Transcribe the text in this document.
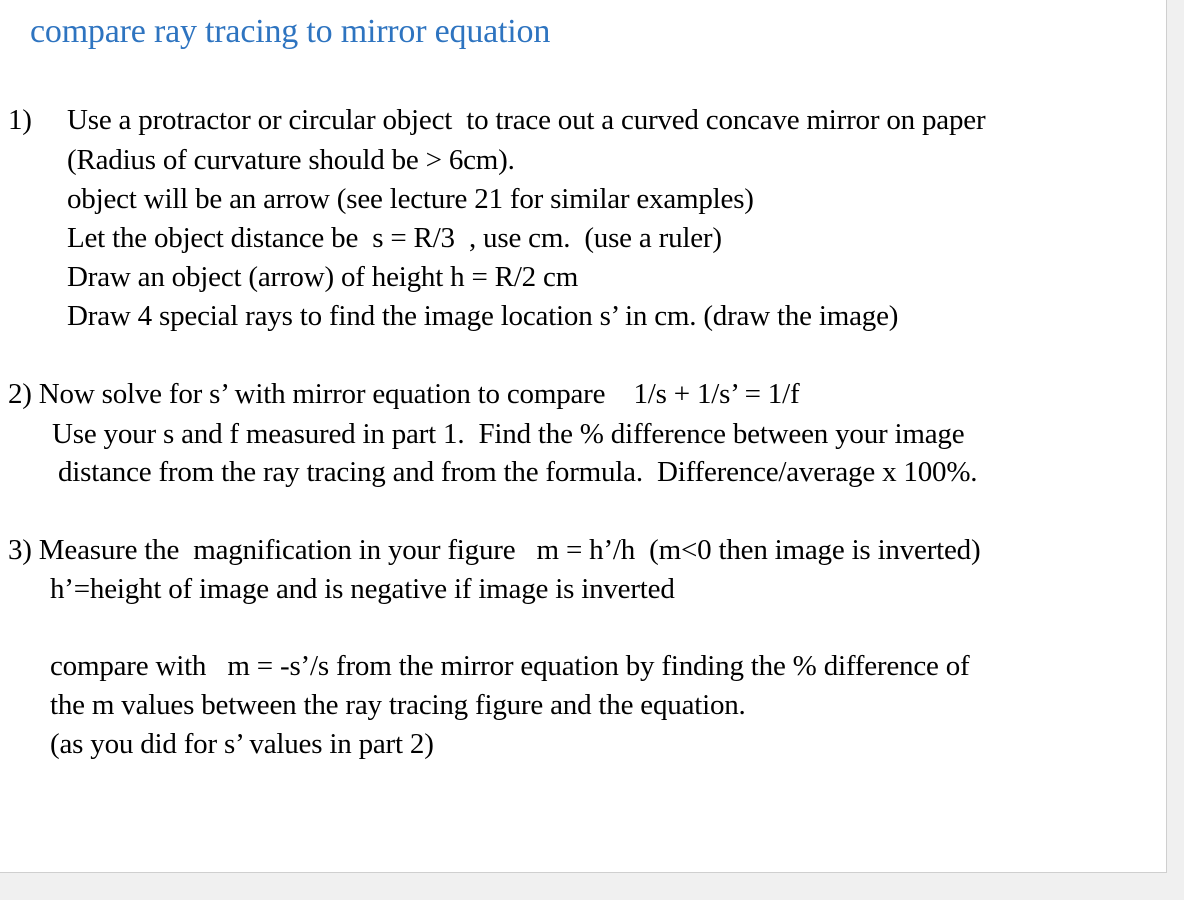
compare ray tracing to mirror equation
1) Use a protractor or circular object  to trace out a curved concave mirror on paper
(Radius of curvature should be > 6cm).
object will be an arrow (see lecture 21 for similar examples)
Let the object distance be  s = R/3  , use cm.  (use a ruler)
Draw an object (arrow) of height h = R/2 cm
Draw 4 special rays to find the image location s’ in cm. (draw the image)
2) Now solve for s’ with mirror equation to compare    1/s + 1/s’ = 1/f
Use your s and f measured in part 1.  Find the % difference between your image
distance from the ray tracing and from the formula.  Difference/average x 100%.
3) Measure the  magnification in your figure   m = h’/h  (m<0 then image is inverted)
h’=height of image and is negative if image is inverted
compare with   m = -s’/s from the mirror equation by finding the % difference of
the m values between the ray tracing figure and the equation.
(as you did for s’ values in part 2)
